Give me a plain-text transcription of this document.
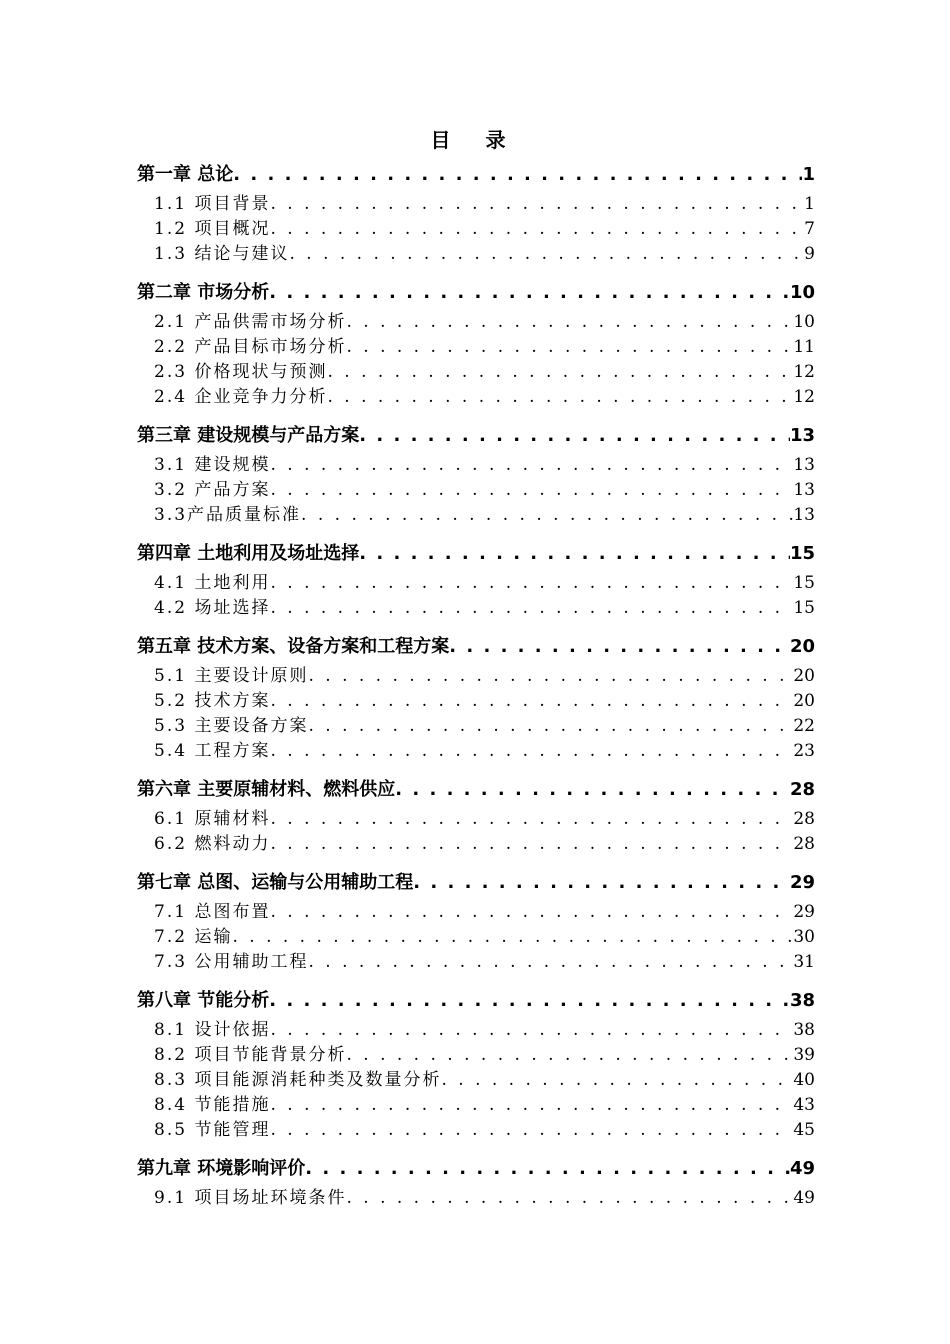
目 录
第一章 总论 . . .	1
1.1 项目背景 . . .	1
1.2 项目概况 . . .	7
1.3 结论与建议 . . .	9
第二章 市场分析 . . .	10
2.1 产品供需市场分析 . . .	10
2.2 产品目标市场分析 . . .	11
2.3 价格现状与预测 . . .	12
2.4 企业竞争力分析 . . .	12
第三章 建设规模与产品方案 . . .	13
3.1 建设规模 . . .	13
3.2 产品方案 . . .	13
3.3产品质量标准 . . .	13
第四章 土地利用及场址选择 . . .	15
4.1 土地利用 . . .	15
4.2 场址选择 . . .	15
第五章 技术方案、设备方案和工程方案 . . .	20
5.1 主要设计原则 . . .	20
5.2 技术方案 . . .	20
5.3 主要设备方案 . . .	22
5.4 工程方案 . . .	23
第六章 主要原辅材料、燃料供应 . . .	28
6.1 原辅材料 . . .	28
6.2 燃料动力 . . .	28
第七章 总图、运输与公用辅助工程 . . .	29
7.1 总图布置 . . .	29
7.2 运输 . . .	30
7.3 公用辅助工程 . . .	31
第八章 节能分析 . . .	38
8.1 设计依据 . . .	38
8.2 项目节能背景分析 . . .	39
8.3 项目能源消耗种类及数量分析 . . .	40
8.4 节能措施 . . .	43
8.5 节能管理 . . .	45
第九章 环境影响评价 . . .	49
9.1 项目场址环境条件 . . .	49
